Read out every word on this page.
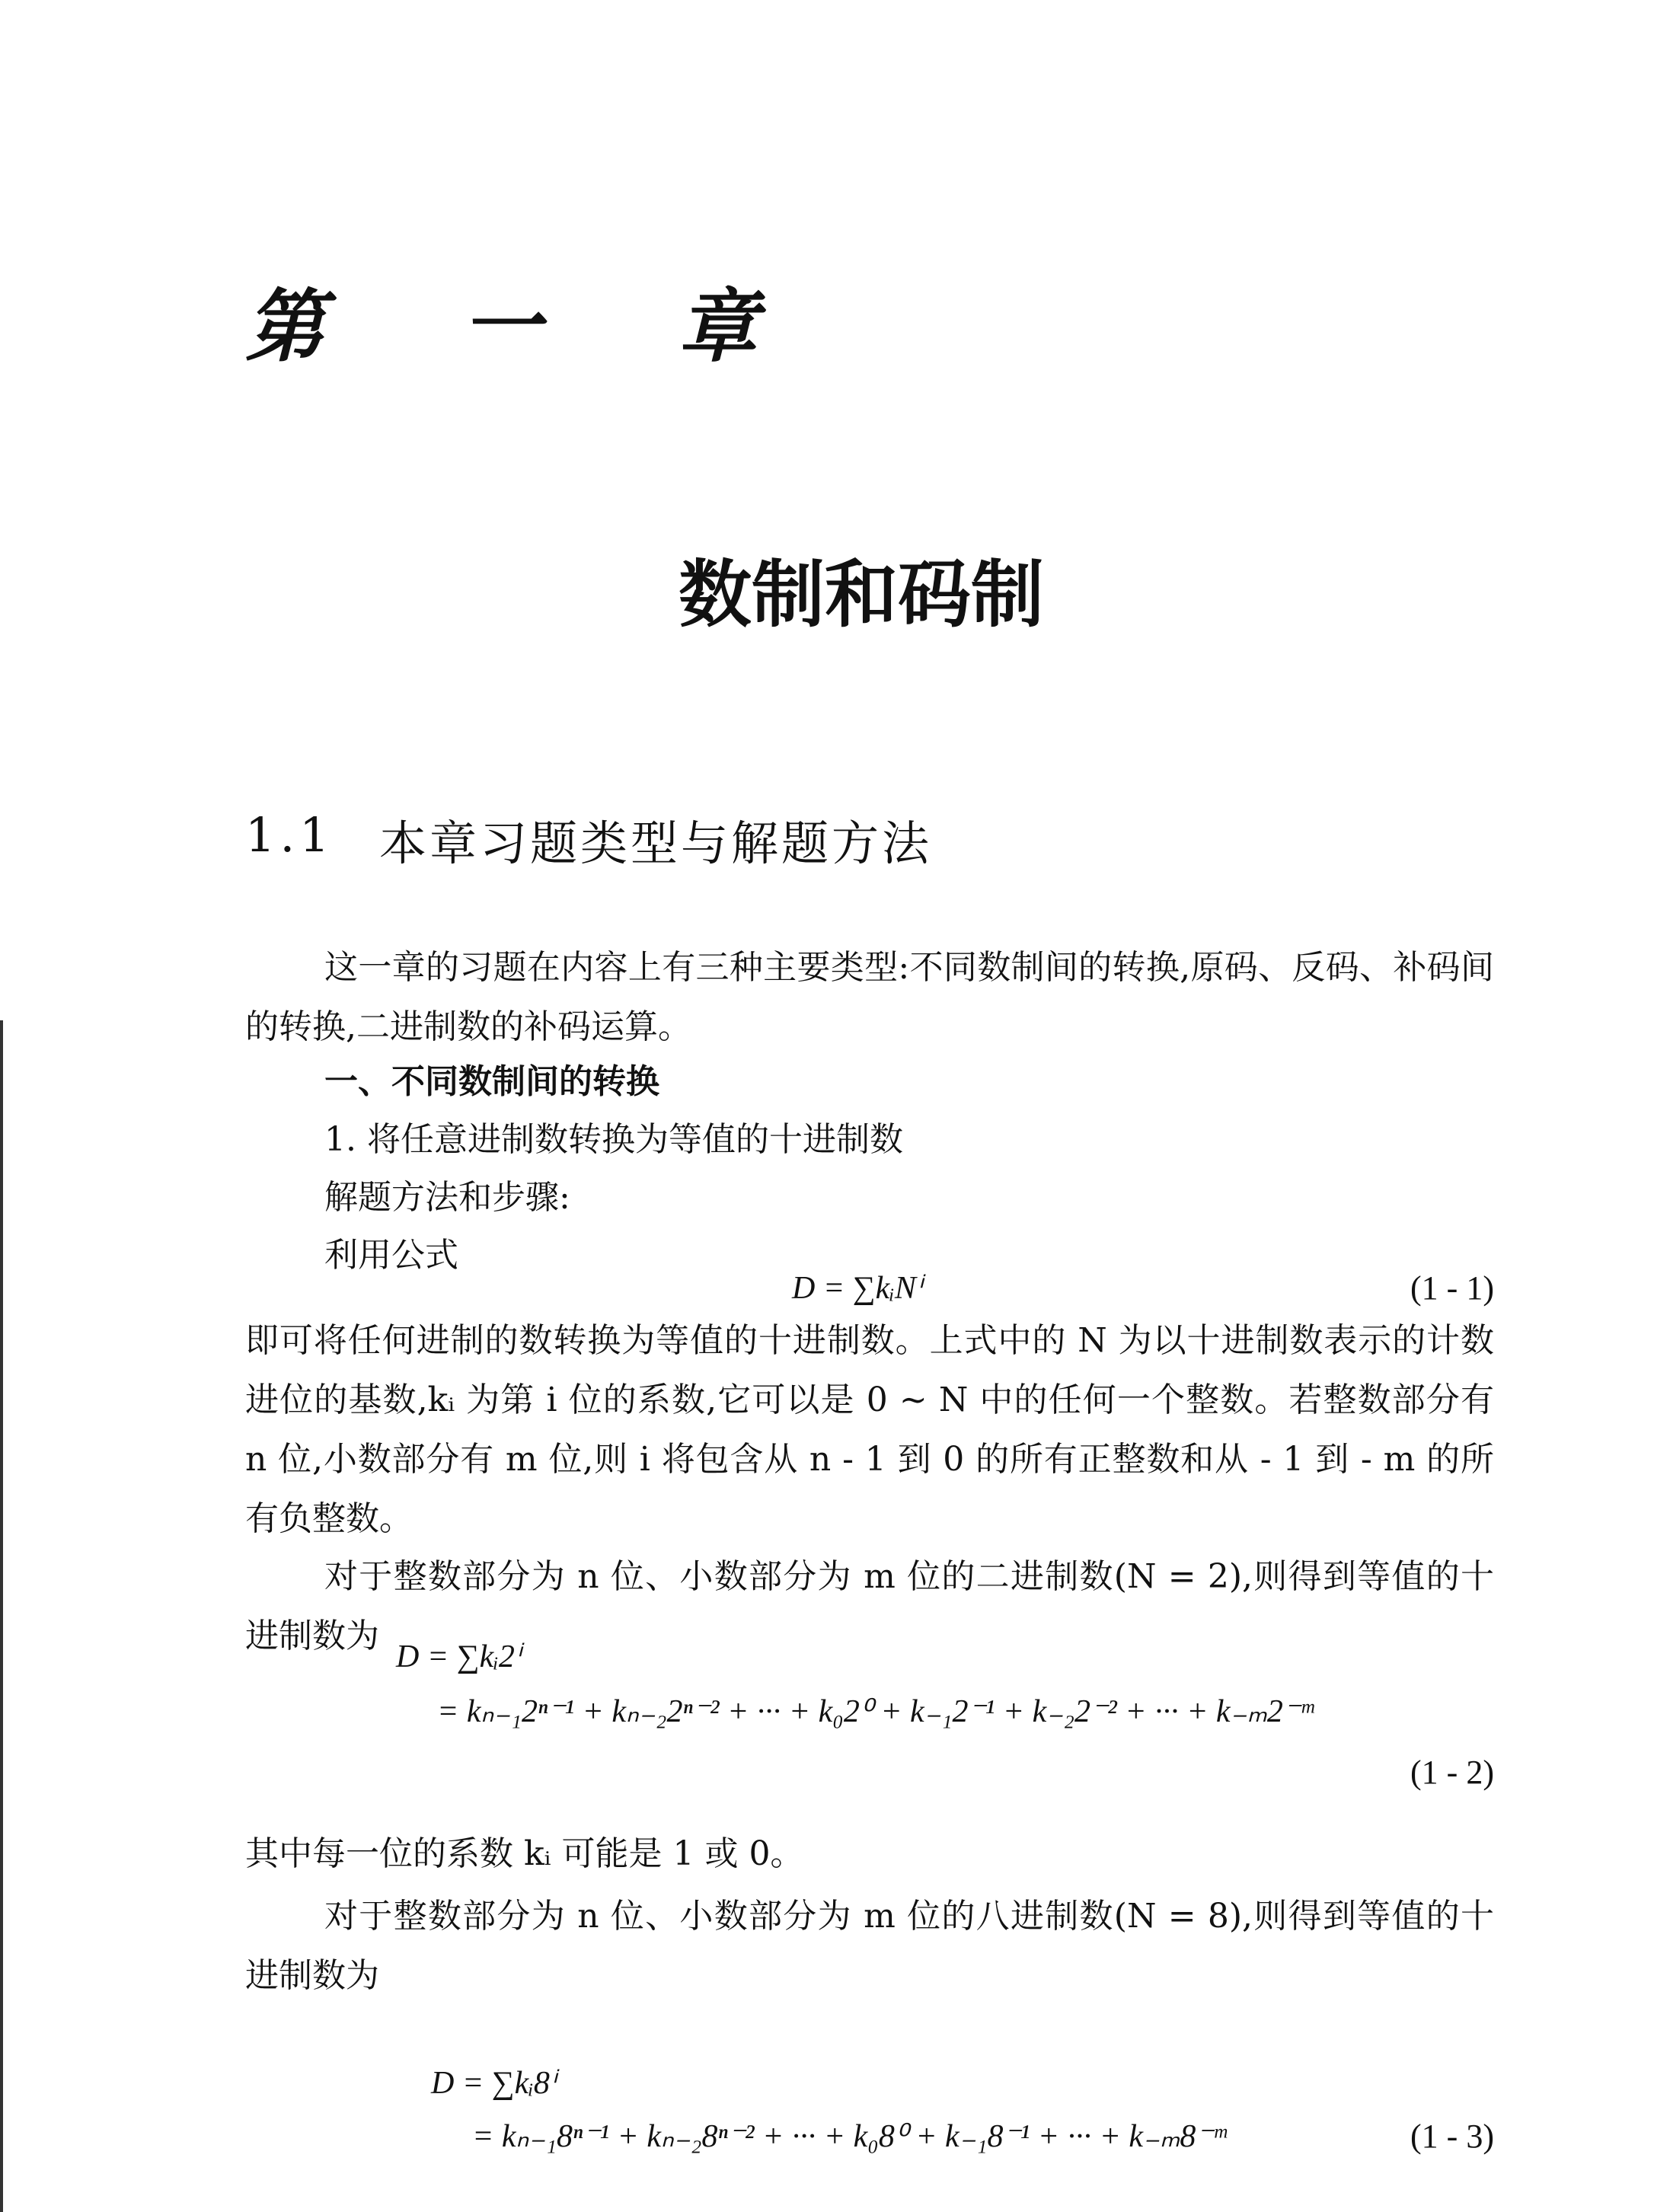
第 一 章
数制和码制
1.1 本章习题类型与解题方法
这一章的习题在内容上有三种主要类型:不同数制间的转换,原码、反码、补码间的转换,二进制数的补码运算。
一、不同数制间的转换
1. 将任意进制数转换为等值的十进制数
解题方法和步骤:
利用公式
D = ∑kᵢNⁱ	(1 - 1)
即可将任何进制的数转换为等值的十进制数。上式中的 N 为以十进制数表示的计数进位的基数,kᵢ 为第 i 位的系数,它可以是 0 ~ N 中的任何一个整数。若整数部分有 n 位,小数部分有 m 位,则 i 将包含从 n - 1 到 0 的所有正整数和从 - 1 到 - m 的所有负整数。
对于整数部分为 n 位、小数部分为 m 位的二进制数(N = 2),则得到等值的十进制数为
D = ∑kᵢ2ⁱ
= kₙ₋₁2ⁿ⁻¹ + kₙ₋₂2ⁿ⁻² + ··· + k₀2⁰ + k₋₁2⁻¹ + k₋₂2⁻² + ··· + k₋ₘ2⁻ᵐ
(1 - 2)
其中每一位的系数 kᵢ 可能是 1 或 0。
对于整数部分为 n 位、小数部分为 m 位的八进制数(N = 8),则得到等值的十进制数为
D = ∑kᵢ8ⁱ
= kₙ₋₁8ⁿ⁻¹ + kₙ₋₂8ⁿ⁻² + ··· + k₀8⁰ + k₋₁8⁻¹ + ··· + k₋ₘ8⁻ᵐ	(1 - 3)
